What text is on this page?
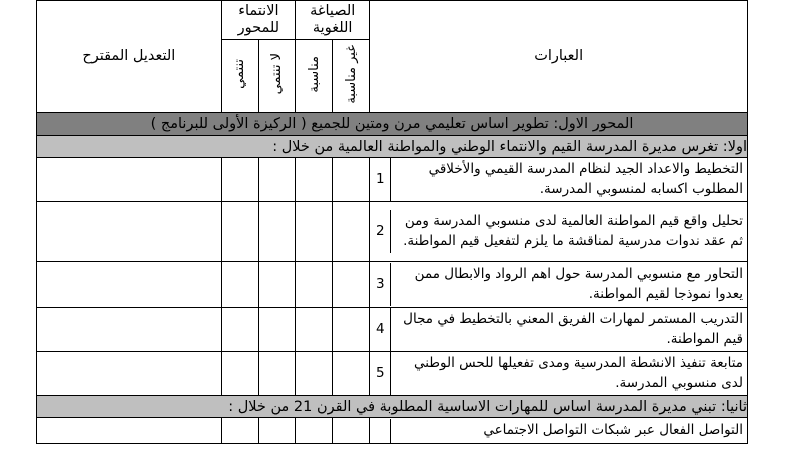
العبارات	الصياغة اللغوية	الانتماء للمحور	التعديل المقترح
غير مناسبة	مناسبة	لا تنتمي	تنتمي
المحور الاول: تطوير اساس تعليمي مرن ومتين للجميع ( الركيزة الأولى للبرنامج )
اولا: تغرس مديرة المدرسة القيم والانتماء الوطني والمواطنة العالمية من خلال :

التخطيط والاعداد الجيد لنظام المدرسة القيمي والأخلاقي المطلوب اكسابه لمنسوبي المدرسة.	1

تحليل واقع قيم المواطنة العالمية لدى منسوبي المدرسة ومن ثم عقد ندوات مدرسية لمناقشة ما يلزم لتفعيل قيم المواطنة.	2

التحاور مع منسوبي المدرسة حول اهم الرواد والابطال ممن يعدوا نموذجا لقيم المواطنة.	3

التدريب المستمر لمهارات الفريق المعني بالتخطيط في مجال قيم المواطنة.	4

متابعة تنفيذ الانشطة المدرسية ومدى تفعيلها للحس الوطني لدى منسوبي المدرسة.	5

ثانيا: تبني مديرة المدرسة اساس للمهارات الاساسية المطلوبة في القرن 21 من خلال :

التواصل الفعال عبر شبكات التواصل الاجتماعي	
